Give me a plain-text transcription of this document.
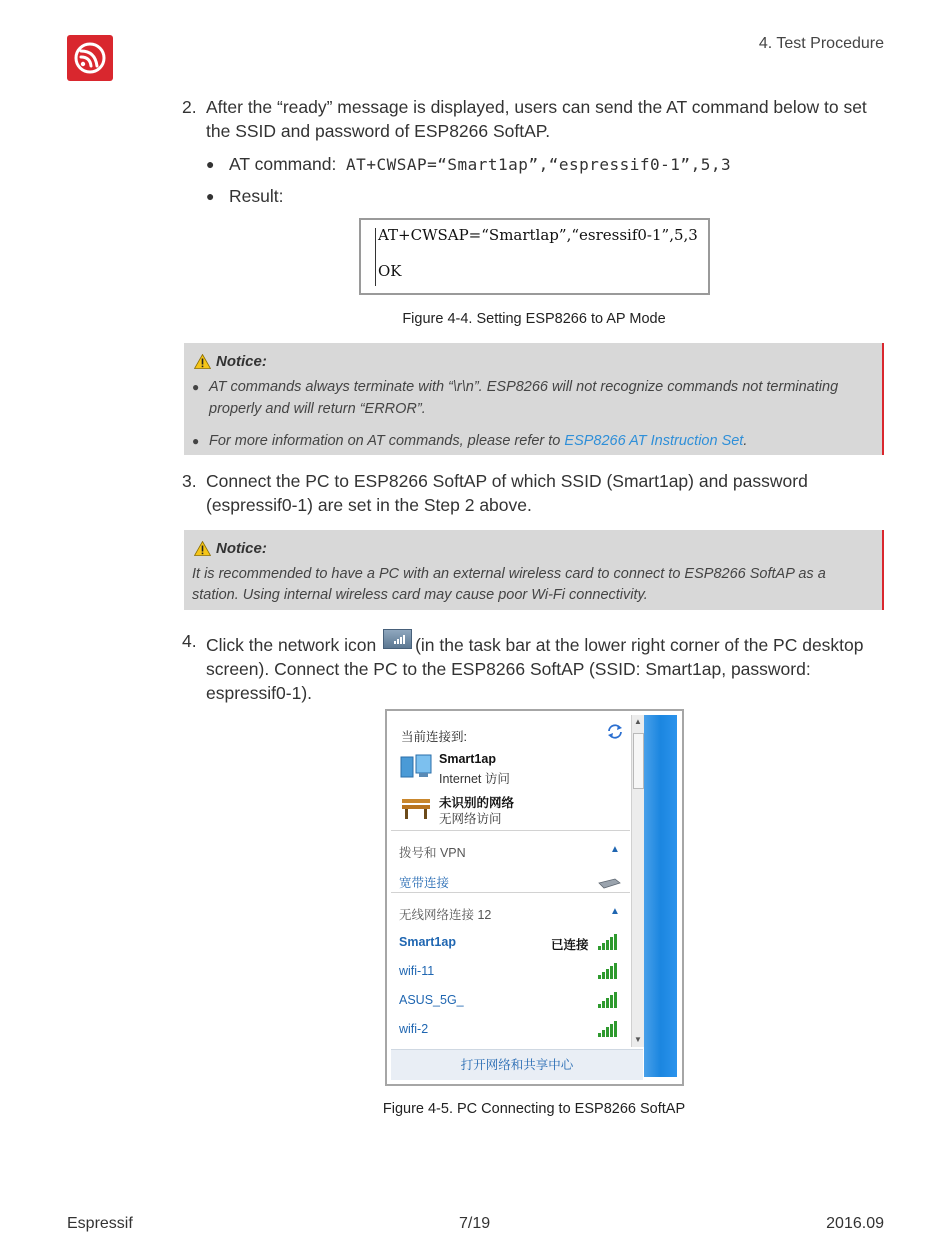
4. Test Procedure
2. After the “ready” message is displayed, users can send the AT command below to set the SSID and password of ESP8266 SoftAP.
● AT command: AT+CWSAP=“Smart1ap”,“espressif0-1”,5,3
● Result:
AT+CWSAP=“Smartlap”,“esressif0-1”,5,3
OK
Figure 4-4. Setting ESP8266 to AP Mode
Notice:
● AT commands always terminate with “\r\n”. ESP8266 will not recognize commands not terminating properly and will return “ERROR”.
● For more information on AT commands, please refer to ESP8266 AT Instruction Set.
3. Connect the PC to ESP8266 SoftAP of which SSID (Smart1ap) and password (espressif0-1) are set in the Step 2 above.
Notice:
It is recommended to have a PC with an external wireless card to connect to ESP8266 SoftAP as a station. Using internal wireless card may cause poor Wi-Fi connectivity.
4. Click the network icon (in the task bar at the lower right corner of the PC desktop screen). Connect the PC to the ESP8266 SoftAP (SSID: Smart1ap, password: espressif0-1).
当前连接到:
Smart1ap
Internet 访问
未识别的网络
无网络访问
拨号和 VPN	▲
宽带连接
无线网络连接 12	▲
Smart1ap	已连接
wifi-11
ASUS_5G_
wifi-2
▲
▼
打开网络和共享中心
Figure 4-5. PC Connecting to ESP8266 SoftAP
Espressif	7/19	2016.09
